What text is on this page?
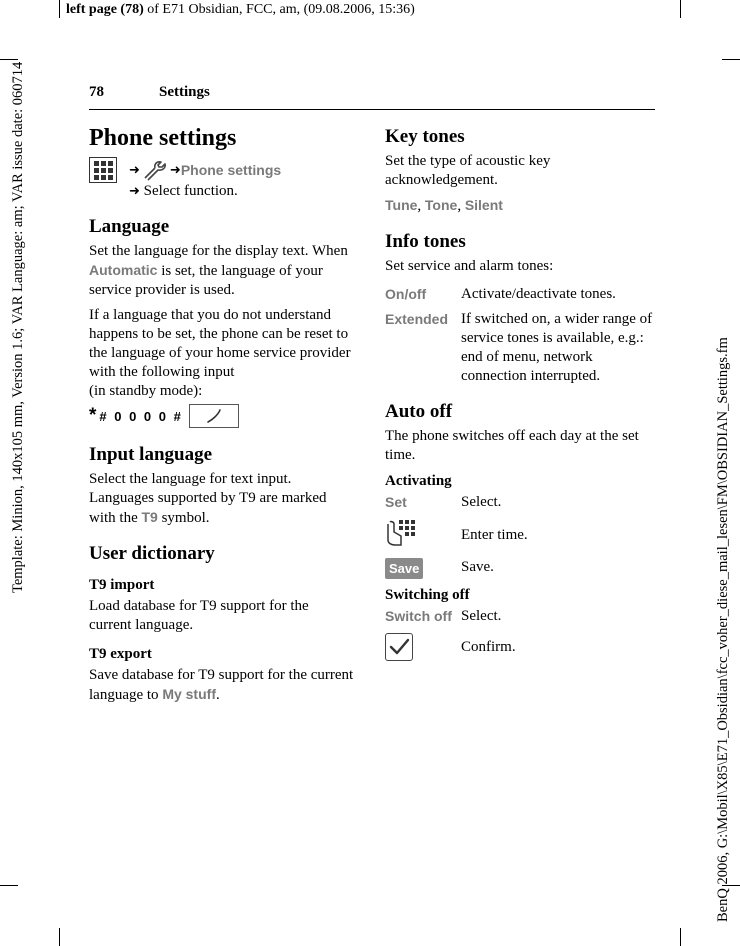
left page (78) of E71 Obsidian, FCC, am, (09.08.2006, 15:36)
Template: Minion, 140x105 mm, Version 1.6; VAR Language: am; VAR issue date: 060714
BenQ 2006, G:\Mobil\X85\E71_Obsidian\fcc_voher_diese_mail_lesen\FM\OBSIDIAN_Settings.fm
78	Settings
Phone settings
➜ ➜ Phone settings
➜ Select function.
Language

Set the language for the display text. When Automatic is set, the language of your service provider is used.

If a language that you do not understand happens to be set, the phone can be reset to the language of your home service provider with the following input
(in standby mode):

* # 0 0 0 0 #
Input language

Select the language for text input. Languages supported by T9 are marked with the T9 symbol.

User dictionary
T9 import

Load database for T9 support for the current language.

T9 export

Save database for T9 support for the current language to My stuff.

Key tones

Set the type of acoustic key acknowledgement.

Tune, Tone, Silent

Info tones

Set service and alarm tones:

On/off	Activate/deactivate tones.
Extended If switched on, a wider range of service tones is available, e.g.: end of menu, network connection interrupted.
Auto off

The phone switches off each day at the set time.

Activating
Set	Select.
Enter time.
Save	Save.
Switching off
Switch off Select.
Confirm.
